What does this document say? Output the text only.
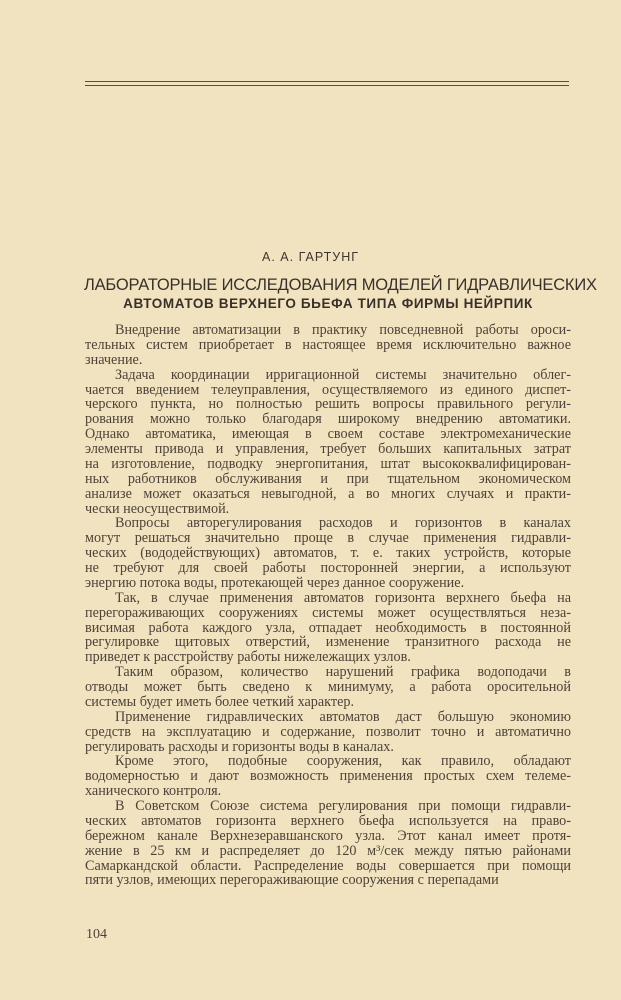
А. А. ГАРТУНГ
ЛАБОРАТОРНЫЕ ИССЛЕДОВАНИЯ МОДЕЛЕЙ ГИДРАВЛИЧЕСКИХ
АВТОМАТОВ ВЕРХНЕГО БЬЕФА ТИПА ФИРМЫ НЕЙРПИК
Внедрение автоматизации в практику повседневной работы ороси-
тельных систем приобретает в настоящее время исключительно важное
значение.
Задача координации ирригационной системы значительно облег-
чается введением телеуправления, осуществляемого из единого диспет-
черского пункта, но полностью решить вопросы правильного регули-
рования можно только благодаря широкому внедрению автоматики.
Однако автоматика, имеющая в своем составе электромеханические
элементы привода и управления, требует больших капитальных затрат
на изготовление, подводку энергопитания, штат высококвалифицирован-
ных работников обслуживания и при тщательном экономическом
анализе может оказаться невыгодной, а во многих случаях и практи-
чески неосуществимой.
Вопросы авторегулирования расходов и горизонтов в каналах
могут решаться значительно проще в случае применения гидравли-
ческих (вододействующих) автоматов, т. е. таких устройств, которые
не требуют для своей работы посторонней энергии, а используют
энергию потока воды, протекающей через данное сооружение.
Так, в случае применения автоматов горизонта верхнего бьефа на
перегораживающих сооружениях системы может осуществляться неза-
висимая работа каждого узла, отпадает необходимость в постоянной
регулировке щитовых отверстий, изменение транзитного расхода не
приведет к расстройству работы нижележащих узлов.
Таким образом, количество нарушений графика водоподачи в
отводы может быть сведено к минимуму, а работа оросительной
системы будет иметь более четкий характер.
Применение гидравлических автоматов даст большую экономию
средств на эксплуатацию и содержание, позволит точно и автоматично
регулировать расходы и горизонты воды в каналах.
Кроме этого, подобные сооружения, как правило, обладают
водомерностью и дают возможность применения простых схем телеме-
ханического контроля.
В Советском Союзе система регулирования при помощи гидравли-
ческих автоматов горизонта верхнего бьефа используется на право-
бережном канале Верхнезеравшанского узла. Этот канал имеет протя-
жение в 25 км и распределяет до 120 м³/сек между пятью районами
Самаркандской области. Распределение воды совершается при помощи
пяти узлов, имеющих перегораживающие сооружения с перепадами
104
